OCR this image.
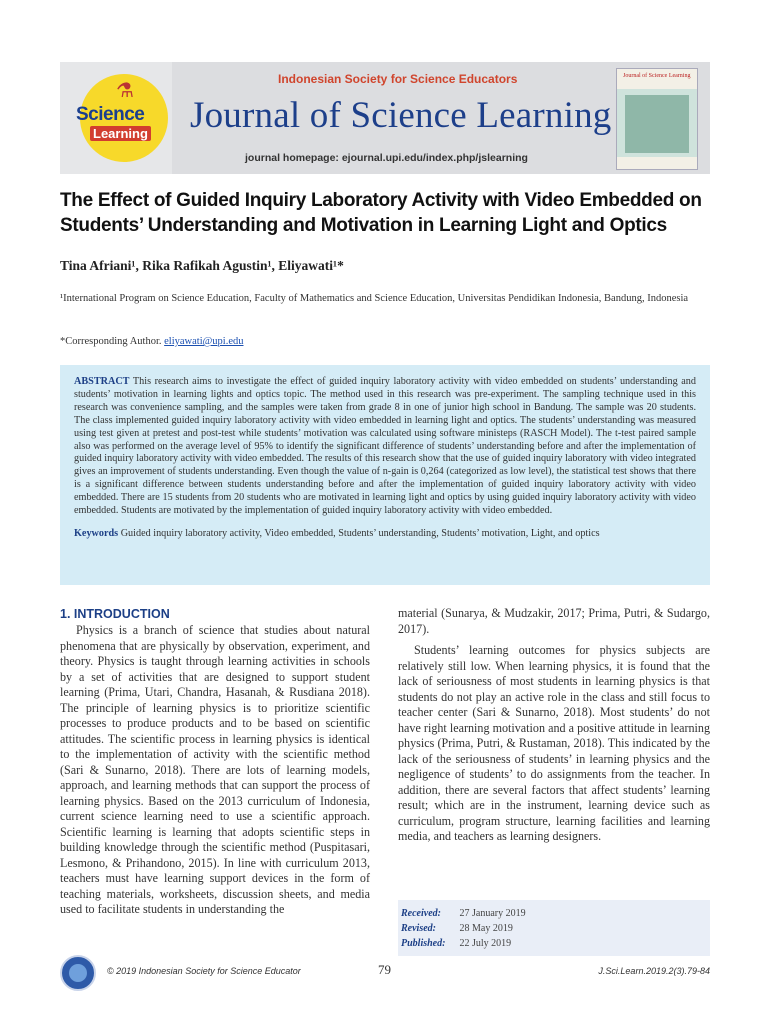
⚗
Science
Learning
Indonesian Society for Science Educators
Journal of Science Learning
journal homepage: ejournal.upi.edu/index.php/jslearning
Journal of Science Learning
The Effect of Guided Inquiry Laboratory Activity with Video Embedded on Students’ Understanding and Motivation in Learning Light and Optics
Tina Afriani¹, Rika Rafikah Agustin¹, Eliyawati¹*
¹International Program on Science Education, Faculty of Mathematics and Science Education, Universitas Pendidikan Indonesia, Bandung, Indonesia
*Corresponding Author. eliyawati@upi.edu
ABSTRACT This research aims to investigate the effect of guided inquiry laboratory activity with video embedded on students’ understanding and students’ motivation in learning lights and optics topic. The method used in this research was pre-experiment. The sampling technique used in this research was convenience sampling, and the samples were taken from grade 8 in one of junior high school in Bandung. The sample was 20 students. The class implemented guided inquiry laboratory activity with video embedded in learning light and optics. The students’ understanding was measured using test given at pretest and post-test while students’ motivation was calculated using software ministeps (RASCH Model). The t-test paired sample also was performed on the average level of 95% to identify the significant difference of students’ understanding before and after the implementation of guided inquiry laboratory activity with video embedded. The results of this research show that the use of guided inquiry laboratory with video integrated gives an improvement of students understanding. Even though the value of n-gain is 0,264 (categorized as low level), the statistical test shows that there is a significant difference between students understanding before and after the implementation of guided inquiry laboratory activity with video embedded. There are 15 students from 20 students who are motivated in learning light and optics by using guided inquiry laboratory activity with video embedded. Students are motivated by the implementation of guided inquiry laboratory activity with video embedded.
Keywords Guided inquiry laboratory activity, Video embedded, Students’ understanding, Students’ motivation, Light, and optics
1. INTRODUCTION

Physics is a branch of science that studies about natural phenomena that are physically by observation, experiment, and theory. Physics is taught through learning activities in schools by a set of activities that are designed to support student learning (Prima, Utari, Chandra, Hasanah, & Rusdiana 2018). The principle of learning physics is to prioritize scientific processes to produce products and to be based on scientific attitudes. The scientific process in learning physics is identical to the implementation of activity with the scientific method (Sari & Sunarno, 2018). There are lots of learning models, approach, and learning methods that can support the process of learning physics. Based on the 2013 curriculum of Indonesia, current science learning need to use a scientific approach. Scientific learning is learning that adopts scientific steps in building knowledge through the scientific method (Puspitasari, Lesmono, & Prihandono, 2015). In line with curriculum 2013, teachers must have learning support devices in the form of teaching materials, worksheets, discussion sheets, and media used to facilitate students in understanding the

material (Sunarya, & Mudzakir, 2017; Prima, Putri, & Sudargo, 2017).

Students’ learning outcomes for physics subjects are relatively still low. When learning physics, it is found that the lack of seriousness of most students in learning physics is that students do not play an active role in the class and still focus to teacher center (Sari & Sunarno, 2018). Most students’ do not have right learning motivation and a positive attitude in learning physics (Prima, Putri, & Rustaman, 2018). This indicated by the lack of the seriousness of students’ in learning physics and the negligence of students’ to do assignments from the teacher. In addition, there are several factors that affect students’ learning result; which are in the instrument, learning device such as curriculum, program structure, learning facilities and learning media, and teachers as learning designers.

Received: 27 January 2019
Revised: 28 May 2019
Published: 22 July 2019
© 2019 Indonesian Society for Science Educator	79	J.Sci.Learn.2019.2(3).79-84
